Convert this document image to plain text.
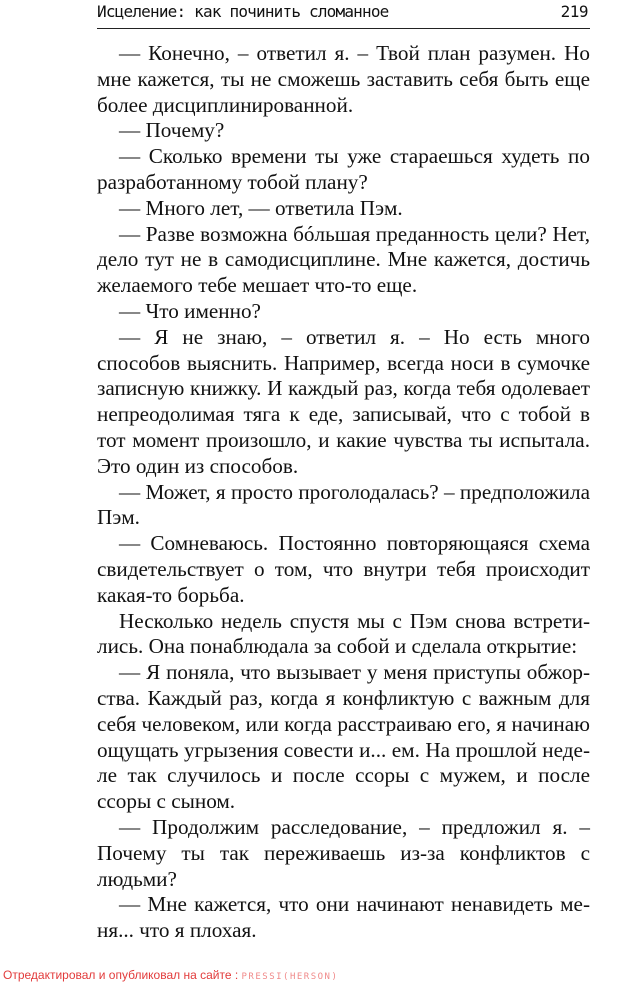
Исцеление: как починить сломанное	219

— Конечно, – ответил я. – Твой план разумен. Но мне кажется, ты не сможешь заставить себя быть еще более дисциплинированной.

— Почему?

— Сколько времени ты уже стараешься худеть по разработанному тобой плану?

— Много лет, — ответила Пэм.

— Разве возможна бóльшая преданность цели? Нет, дело тут не в самодисциплине. Мне кажется, достичь желаемого тебе мешает что-то еще.

— Что именно?

— Я не знаю, – ответил я. – Но есть много способов выяснить. Например, всегда носи в сумочке записную книжку. И каждый раз, когда тебя одолевает непреодолимая тяга к еде, записывай, что с тобой в тот момент произошло, и какие чувства ты испытала. Это один из способов.

— Может, я просто проголодалась? – предположила Пэм.

— Сомневаюсь. Постоянно повторяющаяся схема свидетельствует о том, что внутри тебя происходит какая-то борьба.

Несколько недель спустя мы с Пэм снова встретились. Она понаблюдала за собой и сделала открытие:

— Я поняла, что вызывает у меня приступы обжорства. Каждый раз, когда я конфликтую с важным для себя человеком, или когда расстраиваю его, я начинаю ощущать угрызения совести и... ем. На прошлой неделе так случилось и после ссоры с мужем, и после ссоры с сыном.

— Продолжим расследование, – предложил я. – Почему ты так переживаешь из-за конфликтов с людьми?

— Мне кажется, что они начинают ненавидеть меня... что я плохая.

Отредактировал и опубликовал на сайте : PRESSI(HERSON)
